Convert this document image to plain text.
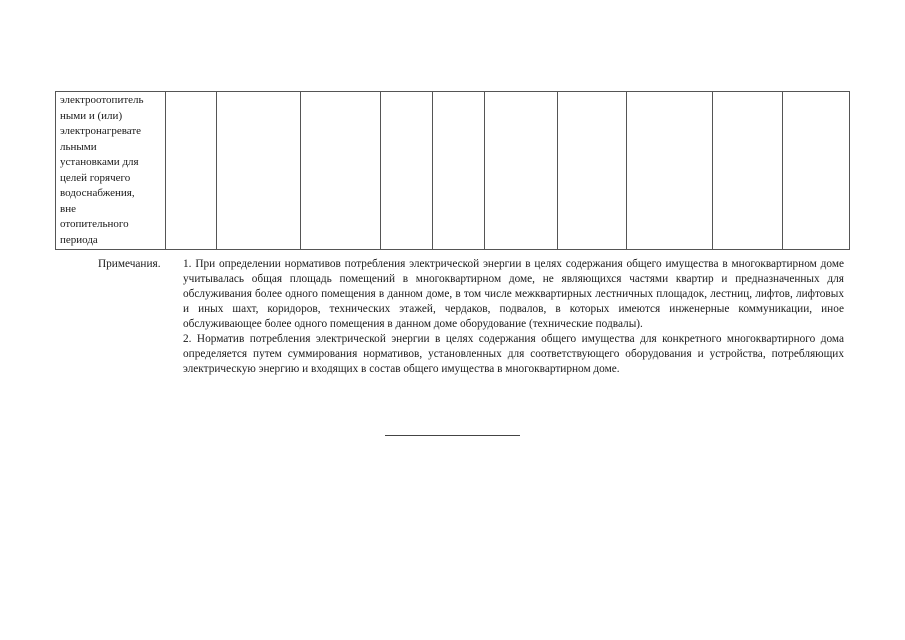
электроотопитель
ными и (или)
электронагревате
льными
установками для
целей горячего
водоснабжения,
вне
отопительного
периода										
Примечания. 1. При определении нормативов потребления электрической энергии в целях содержания общего имущества в многоквартирном доме учитывалась общая площадь помещений в многоквартирном доме, не являющихся частями квартир и предназначенных для обслуживания более одного помещения в данном доме, в том числе межквартирных лестничных площадок, лестниц, лифтов, лифтовых и иных шахт, коридоров, технических этажей, чердаков, подвалов, в которых имеются инженерные коммуникации, иное обслуживающее более одного помещения в данном доме оборудование (технические подвалы).
2. Норматив потребления электрической энергии в целях содержания общего имущества для конкретного многоквартирного дома определяется путем суммирования нормативов, установленных для соответствующего оборудования и устройства, потребляющих электрическую энергию и входящих в состав общего имущества в многоквартирном доме.
